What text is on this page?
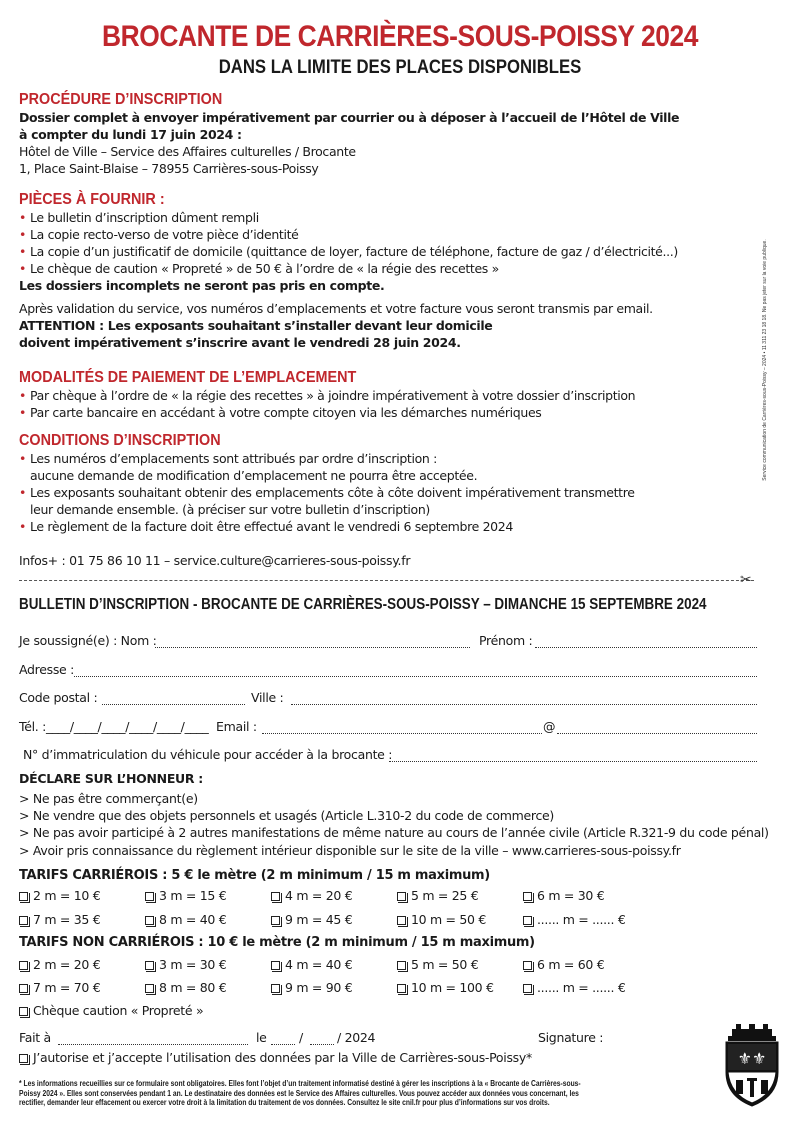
BROCANTE DE CARRIÈRES-SOUS-POISSY 2024
DANS LA LIMITE DES PLACES DISPONIBLES
PROCÉDURE D’INSCRIPTION
Dossier complet à envoyer impérativement par courrier ou à déposer à l’accueil de l’Hôtel de Ville
à compter du lundi 17 juin 2024 :
Hôtel de Ville – Service des Affaires culturelles / Brocante
1, Place Saint-Blaise – 78955 Carrières-sous-Poissy
PIÈCES À FOURNIR :
• Le bulletin d’inscription dûment rempli
• La copie recto-verso de votre pièce d’identité
• La copie d’un justificatif de domicile (quittance de loyer, facture de téléphone, facture de gaz / d’électricité...)
• Le chèque de caution « Propreté » de 50 € à l’ordre de « la régie des recettes »
Les dossiers incomplets ne seront pas pris en compte.
Après validation du service, vos numéros d’emplacements et votre facture vous seront transmis par email.
ATTENTION : Les exposants souhaitant s’installer devant leur domicile
doivent impérativement s’inscrire avant le vendredi 28 juin 2024.
MODALITÉS DE PAIEMENT DE L’EMPLACEMENT
• Par chèque à l’ordre de « la régie des recettes » à joindre impérativement à votre dossier d’inscription
• Par carte bancaire en accédant à votre compte citoyen via les démarches numériques
CONDITIONS D’INSCRIPTION
• Les numéros d’emplacements sont attribués par ordre d’inscription :
aucune demande de modification d’emplacement ne pourra être acceptée.
• Les exposants souhaitant obtenir des emplacements côte à côte doivent impérativement transmettre
leur demande ensemble. (à préciser sur votre bulletin d’inscription)
• Le règlement de la facture doit être effectué avant le vendredi 6 septembre 2024
Infos+ : 01 75 86 10 11 – service.culture@carrieres-sous-poissy.fr
Service communication de Carrières-sous-Poissy – 2024 • 11 311 23 18 18. Ne pas jeter sur la voie publique.
✂
BULLETIN D’INSCRIPTION - BROCANTE DE CARRIÈRES-SOUS-POISSY – DIMANCHE 15 SEPTEMBRE 2024
Je soussigné(e) : Nom :	Prénom :
Adresse :
Code postal :	Ville :
Tél. :____/____/____/____/____/____ Email :	@
N° d’immatriculation du véhicule pour accéder à la brocante :
DÉCLARE SUR L’HONNEUR :
> Ne pas être commerçant(e)
> Ne vendre que des objets personnels et usagés (Article L.310-2 du code de commerce)
> Ne pas avoir participé à 2 autres manifestations de même nature au cours de l’année civile (Article R.321-9 du code pénal)
> Avoir pris connaissance du règlement intérieur disponible sur le site de la ville – www.carrieres-sous-poissy.fr
TARIFS CARRIÉROIS : 5 € le mètre (2 m minimum / 15 m maximum)
2 m = 10 €	3 m = 15 €	4 m = 20 €	5 m = 25 €	6 m = 30 €
7 m = 35 €	8 m = 40 €	9 m = 45 €	10 m = 50 €	...... m = ...... €
TARIFS NON CARRIÉROIS : 10 € le mètre (2 m minimum / 15 m maximum)
2 m = 20 €	3 m = 30 €	4 m = 40 €	5 m = 50 €	6 m = 60 €
7 m = 70 €	8 m = 80 €	9 m = 90 €	10 m = 100 €	...... m = ...... €
Chèque caution « Propreté »
Fait à	le	/	/ 2024	Signature :
J’autorise et j’accepte l’utilisation des données par la Ville de Carrières-sous-Poissy*
* Les informations recueillies sur ce formulaire sont obligatoires. Elles font l’objet d’un traitement informatisé destiné à gérer les inscriptions à la « Brocante de Carrières-sous-Poissy 2024 ». Elles sont conservées pendant 1 an. Le destinataire des données est le Service des Affaires culturelles. Vous pouvez accéder aux données vous concernant, les rectifier, demander leur effacement ou exercer votre droit à la limitation du traitement de vos données. Consultez le site cnil.fr pour plus d’informations sur vos droits.
⚜⚜
